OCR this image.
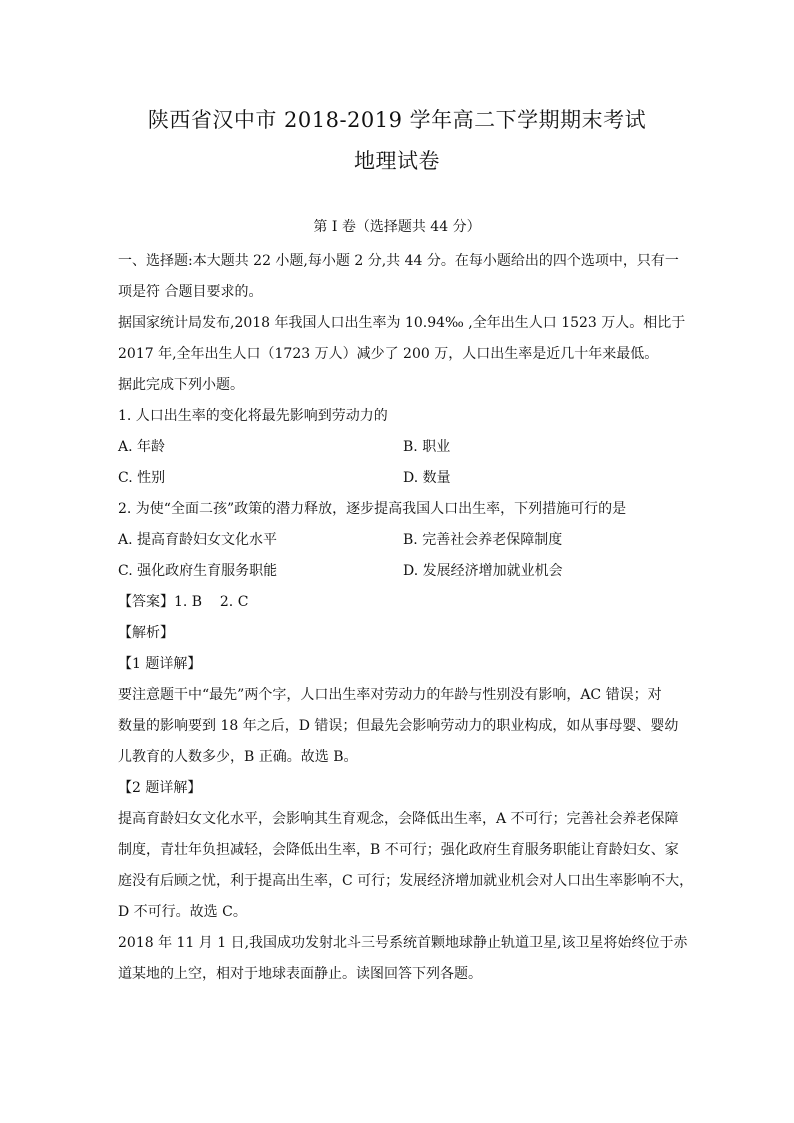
陕西省汉中市 2018-2019 学年高二下学期期末考试
地理试卷
第 I 卷（选择题共 44 分）
一、选择题:本大题共 22 小题,每小题 2 分,共 44 分。在每小题给出的四个选项中，只有一
项是符 合题目要求的。
据国家统计局发布,2018 年我国人口出生率为 10.94‰ ,全年出生人口 1523 万人。相比于
2017 年,全年出生人口（1723 万人）减少了 200 万，人口出生率是近几十年来最低。
据此完成下列小题。
1. 人口出生率的变化将最先影响到劳动力的
A. 年龄	B. 职业
C. 性别	D. 数量
2. 为使“全面二孩”政策的潜力释放，逐步提高我国人口出生率，下列措施可行的是
A. 提高育龄妇女文化水平	B. 完善社会养老保障制度
C. 强化政府生育服务职能	D. 发展经济增加就业机会
【答案】1. B    2. C
【解析】
【1 题详解】
要注意题干中“最先”两个字，人口出生率对劳动力的年龄与性别没有影响，AC 错误；对
数量的影响要到 18 年之后，D 错误；但最先会影响劳动力的职业构成，如从事母婴、婴幼
儿教育的人数多少，B 正确。故选 B。
【2 题详解】
提高育龄妇女文化水平，会影响其生育观念，会降低出生率，A 不可行；完善社会养老保障
制度，青壮年负担减轻，会降低出生率，B 不可行；强化政府生育服务职能让育龄妇女、家
庭没有后顾之忧，利于提高出生率，C 可行；发展经济增加就业机会对人口出生率影响不大，
D 不可行。故选 C。
2018 年 11 月 1 日,我国成功发射北斗三号系统首颗地球静止轨道卫星,该卫星将始终位于赤
道某地的上空，相对于地球表面静止。读图回答下列各题。
